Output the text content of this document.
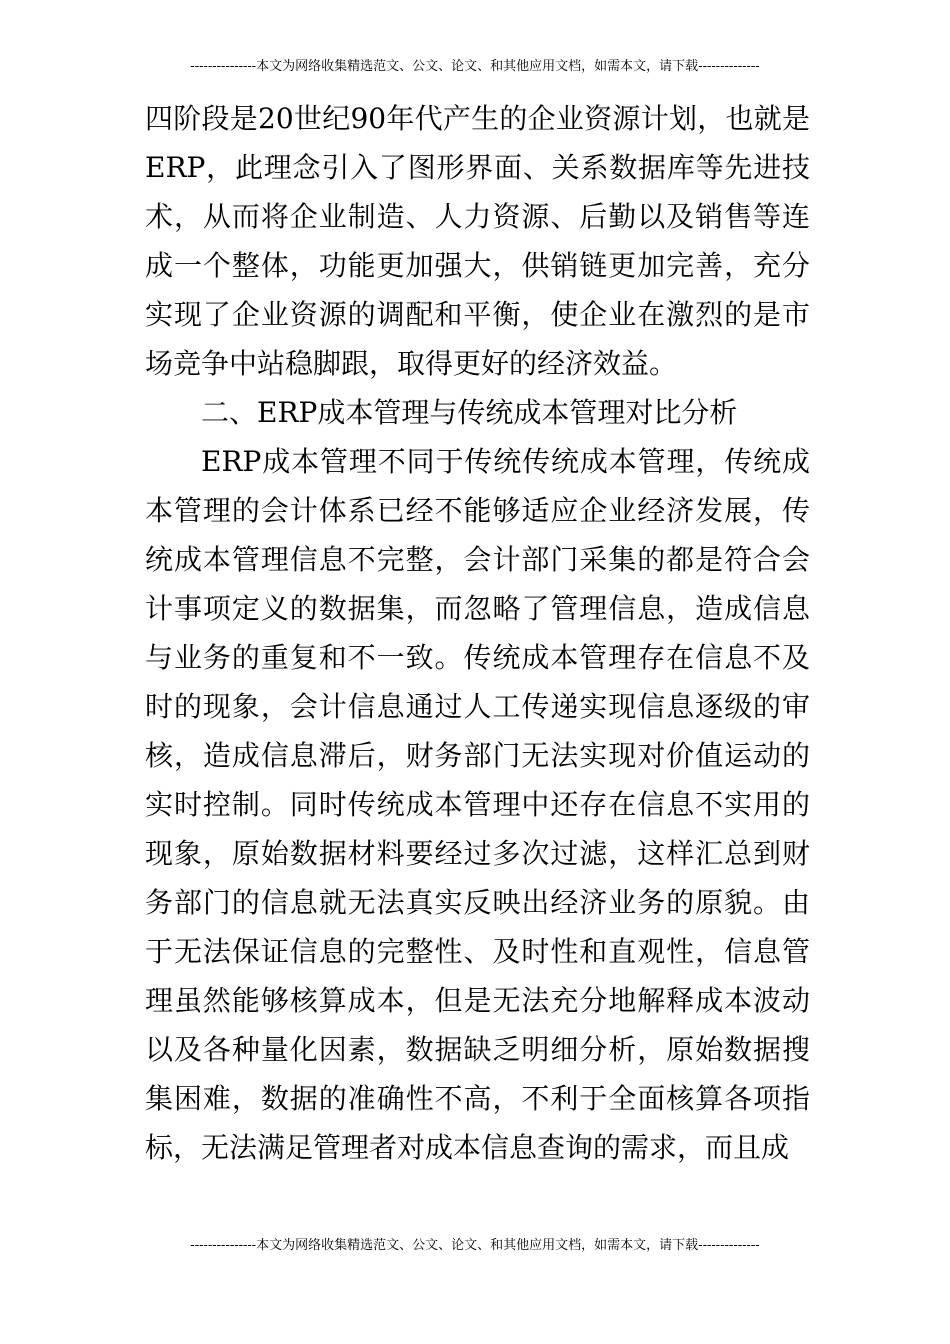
---------------本文为网络收集精选范文、公文、论文、和其他应用文档，如需本文，请下载--------------

四阶段是20世纪90年代产生的企业资源计划，也就是ERP，此理念引入了图形界面、关系数据库等先进技术，从而将企业制造、人力资源、后勤以及销售等连成一个整体，功能更加强大，供销链更加完善，充分实现了企业资源的调配和平衡，使企业在激烈的是市场竞争中站稳脚跟，取得更好的经济效益。

二、ERP成本管理与传统成本管理对比分析

ERP成本管理不同于传统传统成本管理，传统成本管理的会计体系已经不能够适应企业经济发展，传统成本管理信息不完整，会计部门采集的都是符合会计事项定义的数据集，而忽略了管理信息，造成信息与业务的重复和不一致。传统成本管理存在信息不及时的现象，会计信息通过人工传递实现信息逐级的审核，造成信息滞后，财务部门无法实现对价值运动的实时控制。同时传统成本管理中还存在信息不实用的现象，原始数据材料要经过多次过滤，这样汇总到财务部门的信息就无法真实反映出经济业务的原貌。由于无法保证信息的完整性、及时性和直观性，信息管理虽然能够核算成本，但是无法充分地解释成本波动以及各种量化因素，数据缺乏明细分析，原始数据搜集困难，数据的准确性不高，不利于全面核算各项指标，无法满足管理者对成本信息查询的需求，而且成

---------------本文为网络收集精选范文、公文、论文、和其他应用文档，如需本文，请下载--------------
